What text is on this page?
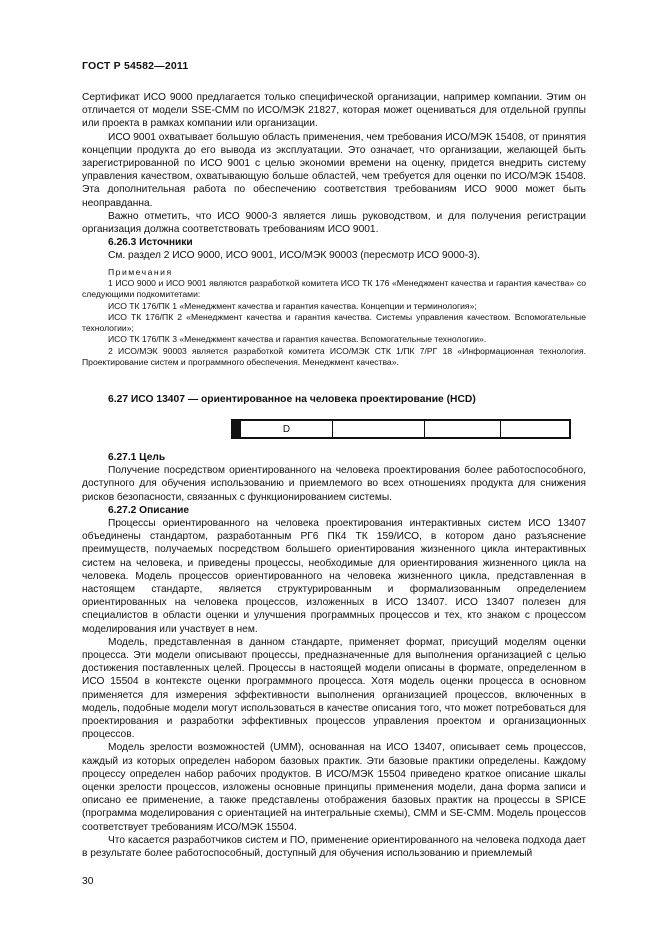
ГОСТ Р 54582—2011

Сертификат ИСО 9000 предлагается только специфической организации, например компании. Этим он отличается от модели SSE-CMM по ИСО/МЭК 21827, которая может оцениваться для отдельной группы или проекта в рамках компании или организации.

ИСО 9001 охватывает большую область применения, чем требования ИСО/МЭК 15408, от принятия концепции продукта до его вывода из эксплуатации. Это означает, что организации, желающей быть зарегистрированной по ИСО 9001 с целью экономии времени на оценку, придется внедрить систему управления качеством, охватывающую больше областей, чем требуется для оценки по ИСО/МЭК 15408. Эта дополнительная работа по обеспечению соответствия требованиям ИСО 9000 может быть неоправданна.

Важно отметить, что ИСО 9000-3 является лишь руководством, и для получения регистрации организация должна соответствовать требованиям ИСО 9001.

6.26.3 Источники

См. раздел 2 ИСО 9000, ИСО 9001, ИСО/МЭК 90003 (пересмотр ИСО 9000-3).

Примечания

1 ИСО 9000 и ИСО 9001 являются разработкой комитета ИСО ТК 176 «Менеджмент качества и гарантия качества» со следующими подкомитетами:

ИСО ТК 176/ПК 1 «Менеджмент качества и гарантия качества. Концепции и терминология»;

ИСО ТК 176/ПК 2 «Менеджмент качества и гарантия качества. Системы управления качеством. Вспомогательные технологии»;

ИСО ТК 176/ПК 3 «Менеджмент качества и гарантия качества. Вспомогательные технологии».

2 ИСО/МЭК 90003 является разработкой комитета ИСО/МЭК СТК 1/ПК 7/РГ 18 «Информационная технология. Проектирование систем и программного обеспечения. Менеджмент качества».

6.27 ИСО 13407 — ориентированное на человека проектирование (HCD)

D

6.27.1 Цель

Получение посредством ориентированного на человека проектирования более работоспособного, доступного для обучения использованию и приемлемого во всех отношениях продукта для снижения рисков безопасности, связанных с функционированием системы.

6.27.2 Описание

Процессы ориентированного на человека проектирования интерактивных систем ИСО 13407 объединены стандартом, разработанным РГ6 ПК4 ТК 159/ИСО, в котором дано разъяснение преимуществ, получаемых посредством большего ориентирования жизненного цикла интерактивных систем на человека, и приведены процессы, необходимые для ориентирования жизненного цикла на человека. Модель процессов ориентированного на человека жизненного цикла, представленная в настоящем стандарте, является структурированным и формализованным определением ориентированных на человека процессов, изложенных в ИСО 13407. ИСО 13407 полезен для специалистов в области оценки и улучшения программных процессов и тех, кто знаком с процессом моделирования или участвует в нем.

Модель, представленная в данном стандарте, применяет формат, присущий моделям оценки процесса. Эти модели описывают процессы, предназначенные для выполнения организацией с целью достижения поставленных целей. Процессы в настоящей модели описаны в формате, определенном в ИСО 15504 в контексте оценки программного процесса. Хотя модель оценки процесса в основном применяется для измерения эффективности выполнения организацией процессов, включенных в модель, подобные модели могут использоваться в качестве описания того, что может потребоваться для проектирования и разработки эффективных процессов управления проектом и организационных процессов.

Модель зрелости возможностей (UMM), основанная на ИСО 13407, описывает семь процессов, каждый из которых определен набором базовых практик. Эти базовые практики определены. Каждому процессу определен набор рабочих продуктов. В ИСО/МЭК 15504 приведено краткое описание шкалы оценки зрелости процессов, изложены основные принципы применения модели, дана форма записи и описано ее применение, а также представлены отображения базовых практик на процессы в SPICE (программа моделирования с ориентацией на интегральные схемы), CMM и SE-CMM. Модель процессов соответствует требованиям ИСО/МЭК 15504.

Что касается разработчиков систем и ПО, применение ориентированного на человека подхода дает в результате более работоспособный, доступный для обучения использованию и приемлемый

30
